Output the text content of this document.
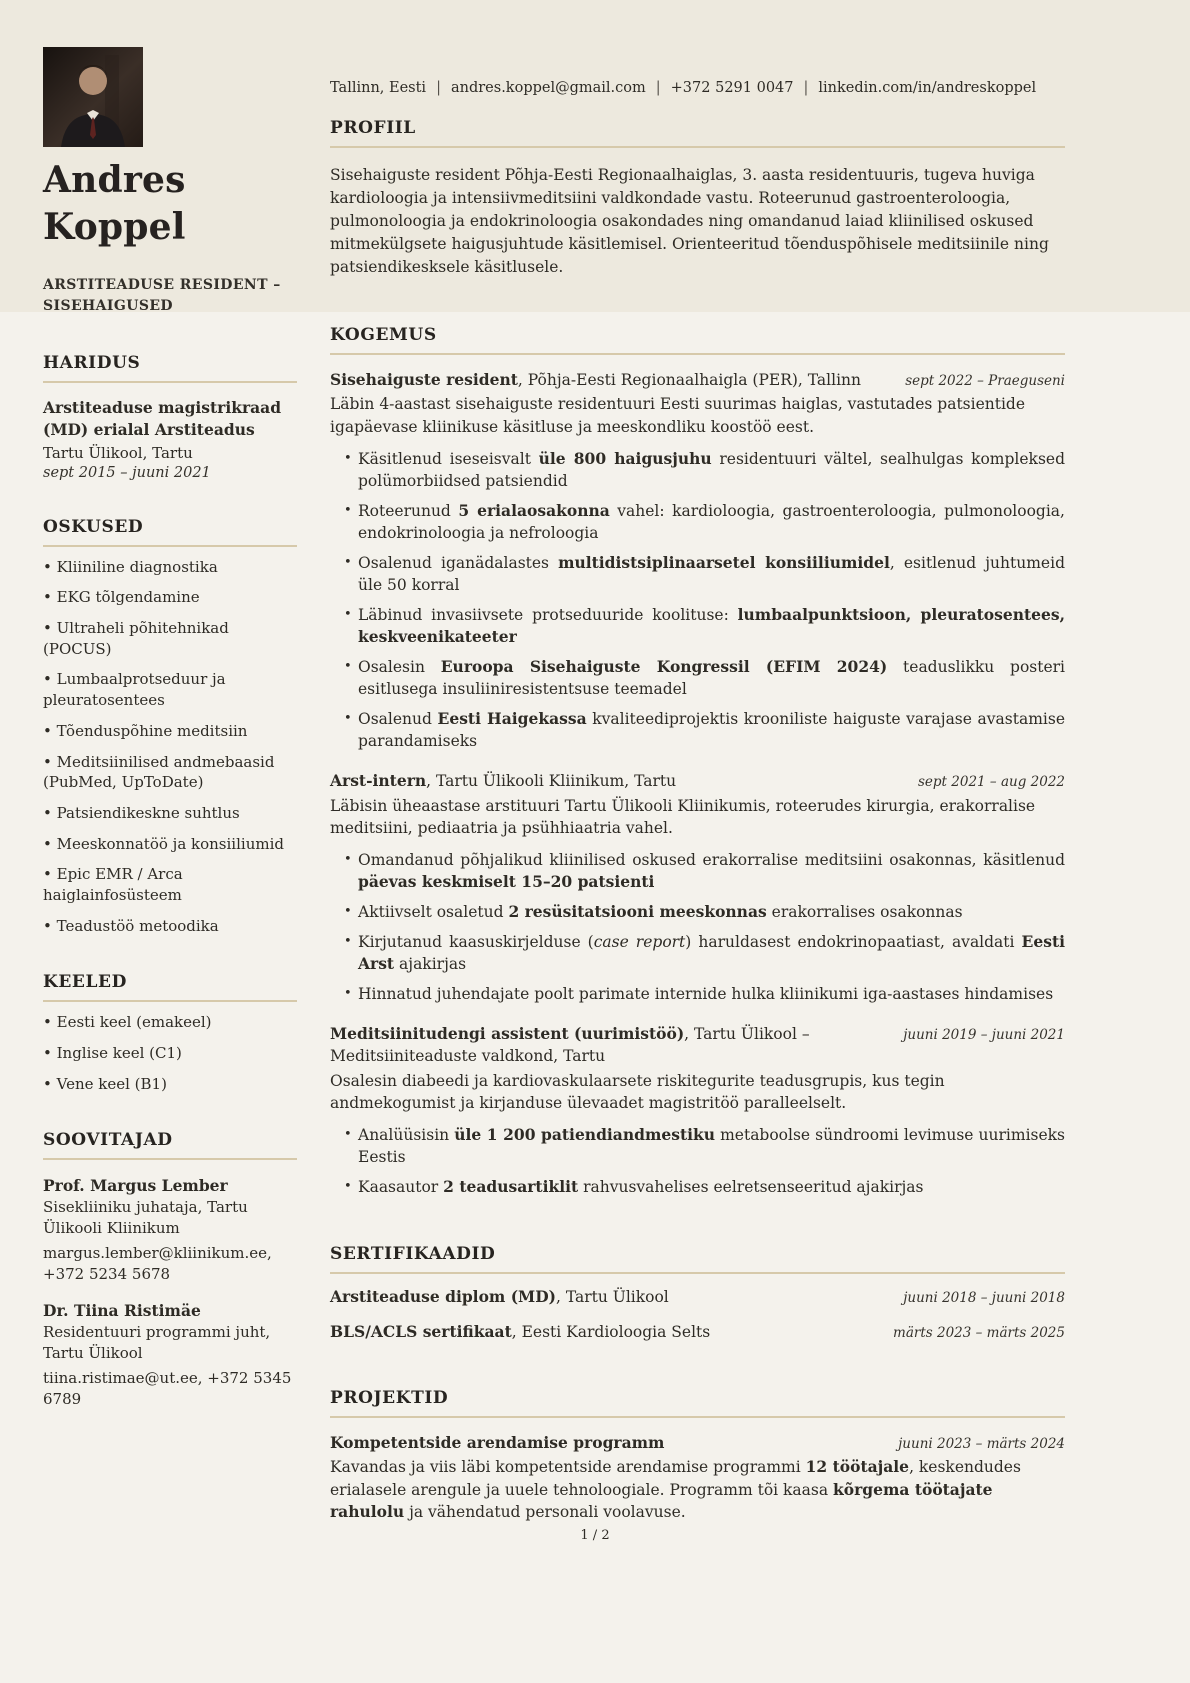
Andres Koppel
ARSTITEADUSE RESIDENT – SISEHAIGUSED
HARIDUS
Arstiteaduse magistrikraad (MD) erialal Arstiteadus
Tartu Ülikool, Tartu
sept 2015 – juuni 2021
OSKUSED
• Kliiniline diagnostika
• EKG tõlgendamine
• Ultraheli põhitehnikad (POCUS)
• Lumbaalprotseduur ja pleuratosentees
• Tõenduspõhine meditsiin
• Meditsiinilised andmebaasid (PubMed, UpToDate)
• Patsiendikeskne suhtlus
• Meeskonnatöö ja konsiiliumid
• Epic EMR / Arca haiglainfosüsteem
• Teadustöö metoodika
KEELED
• Eesti keel (emakeel)
• Inglise keel (C1)
• Vene keel (B1)
SOOVITAJAD
Prof. Margus Lember
Sisekliiniku juhataja, Tartu Ülikooli Kliinikum
margus.lember@kliinikum.ee, +372 5234 5678
Dr. Tiina Ristimäe
Residentuuri programmi juht, Tartu Ülikool
tiina.ristimae@ut.ee, +372 5345 6789
Tallinn, Eesti | andres.koppel@gmail.com | +372 5291 0047 | linkedin.com/in/andreskoppel
PROFIIL

Sisehaiguste resident Põhja-Eesti Regionaalhaiglas, 3. aasta residentuuris, tugeva huviga kardioloogia ja intensiivmeditsiini valdkondade vastu. Roteerunud gastroenteroloogia, pulmonoloogia ja endokrinoloogia osakondades ning omandanud laiad kliinilised oskused mitmekülgsete haigusjuhtude käsitlemisel. Orienteeritud tõenduspõhisele meditsiinile ning patsiendikesksele käsitlusele.

KOGEMUS
Sisehaiguste resident, Põhja-Eesti Regionaalhaigla (PER), Tallinn	sept 2022 – Praeguseni
Läbin 4-aastast sisehaiguste residentuuri Eesti suurimas haiglas, vastutades patsientide igapäevase kliinikuse käsitluse ja meeskondliku koostöö eest.
• Käsitlenud iseseisvalt üle 800 haigusjuhu residentuuri vältel, sealhulgas kompleksed polümorbiidsed patsiendid
• Roteerunud 5 erialaosakonna vahel: kardioloogia, gastroenteroloogia, pulmonoloogia, endokrinoloogia ja nefroloogia
• Osalenud iganädalastes multidistsiplinaarsetel konsiiliumidel, esitlenud juhtumeid üle 50 korral
• Läbinud invasiivsete protseduuride koolituse: lumbaalpunktsioon, pleuratosentees, keskveenikateeter
• Osalesin Euroopa Sisehaiguste Kongressil (EFIM 2024) teaduslikku posteri esitlusega insuliiniresistentsuse teemadel
• Osalenud Eesti Haigekassa kvaliteediprojektis krooniliste haiguste varajase avastamise parandamiseks
Arst-intern, Tartu Ülikooli Kliinikum, Tartu	sept 2021 – aug 2022
Läbisin üheaastase arstituuri Tartu Ülikooli Kliinikumis, roteerudes kirurgia, erakorralise meditsiini, pediaatria ja psühhiaatria vahel.
• Omandanud põhjalikud kliinilised oskused erakorralise meditsiini osakonnas, käsitlenud päevas keskmiselt 15–20 patsienti
• Aktiivselt osaletud 2 resüsitatsiooni meeskonnas erakorralises osakonnas
• Kirjutanud kaasuskirjelduse (case report) haruldasest endokrinopaatiast, avaldati Eesti Arst ajakirjas
• Hinnatud juhendajate poolt parimate internide hulka kliinikumi iga-aastases hindamises
Meditsiinitudengi assistent (uurimistöö), Tartu Ülikool – Meditsiiniteaduste valdkond, Tartu
juuni 2019 – juuni 2021
Osalesin diabeedi ja kardiovaskulaarsete riskitegurite teadusgrupis, kus tegin andmekogumist ja kirjanduse ülevaadet magistritöö paralleelselt.
• Analüüsisin üle 1 200 patiendiandmestiku metaboolse sündroomi levimuse uurimiseks Eestis
• Kaasautor 2 teadusartiklit rahvusvahelises eelretsenseeritud ajakirjas
SERTIFIKAADID
Arstiteaduse diplom (MD), Tartu Ülikool	juuni 2018 – juuni 2018
BLS/ACLS sertifikaat, Eesti Kardioloogia Selts	märts 2023 – märts 2025
PROJEKTID
Kompetentside arendamise programm	juuni 2023 – märts 2024
Kavandas ja viis läbi kompetentside arendamise programmi 12 töötajale, keskendudes erialasele arengule ja uuele tehnoloogiale. Programm tõi kaasa kõrgema töötajate rahulolu ja vähendatud personali voolavuse.
1 / 2
